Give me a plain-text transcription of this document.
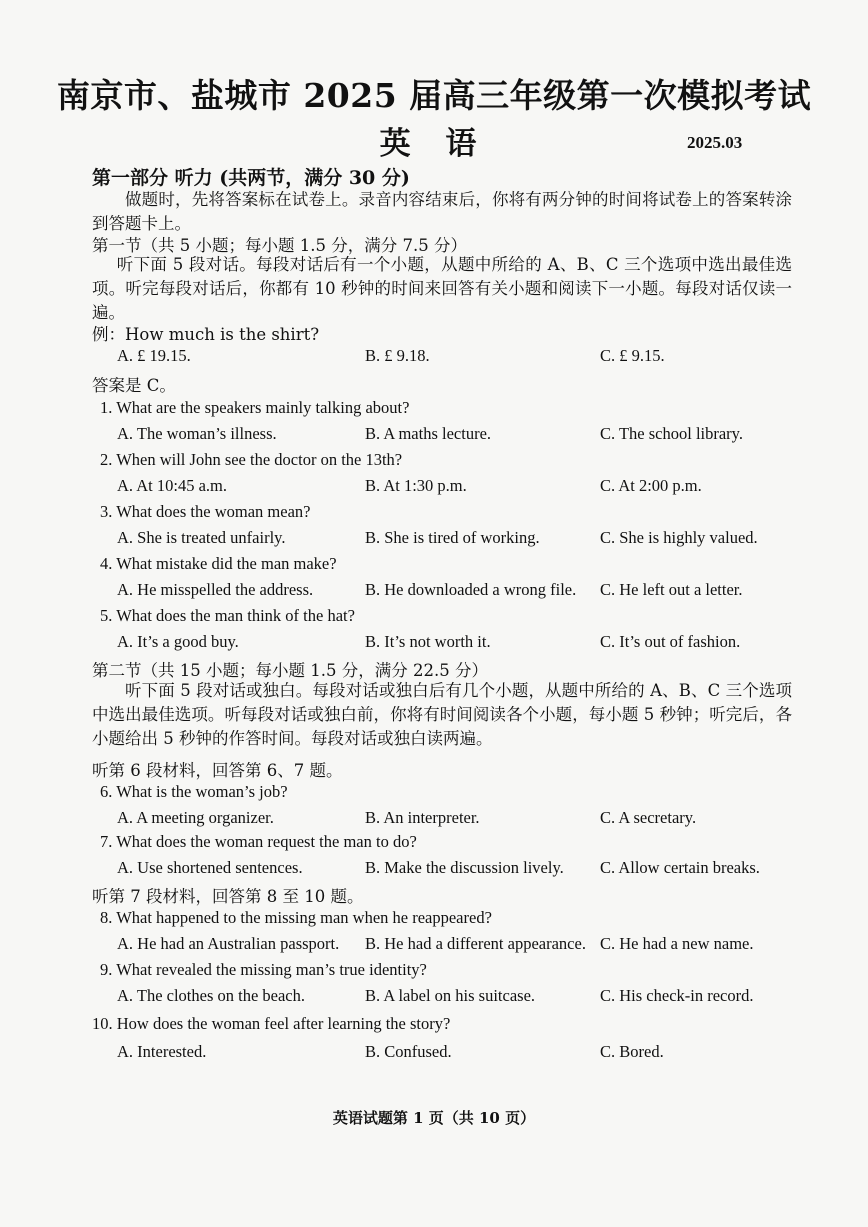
南京市、盐城市 2025 届高三年级第一次模拟考试
英 语	2025.03
第一部分 听力 (共两节，满分 30 分)
做题时，先将答案标在试卷上。录音内容结束后，你将有两分钟的时间将试卷上的答案转涂到答题卡上。
第一节（共 5 小题；每小题 1.5 分，满分 7.5 分）
听下面 5 段对话。每段对话后有一个小题，从题中所给的 A、B、C 三个选项中选出最佳选项。听完每段对话后，你都有 10 秒钟的时间来回答有关小题和阅读下一小题。每段对话仅读一遍。
例：How much is the shirt?
A. £ 19.15.	B. £ 9.18.	C. £ 9.15.
答案是 C。
1. What are the speakers mainly talking about?
A. The woman’s illness.	B. A maths lecture.	C. The school library.
2. When will John see the doctor on the 13th?
A. At 10:45 a.m.	B. At 1:30 p.m.	C. At 2:00 p.m.
3. What does the woman mean?
A. She is treated unfairly.	B. She is tired of working.	C. She is highly valued.
4. What mistake did the man make?
A. He misspelled the address.	B. He downloaded a wrong file. C. He left out a letter.
5. What does the man think of the hat?
A. It’s a good buy.	B. It’s not worth it.	C. It’s out of fashion.
第二节（共 15 小题；每小题 1.5 分，满分 22.5 分）
听下面 5 段对话或独白。每段对话或独白后有几个小题，从题中所给的 A、B、C 三个选项中选出最佳选项。听每段对话或独白前，你将有时间阅读各个小题，每小题 5 秒钟；听完后，各小题给出 5 秒钟的作答时间。每段对话或独白读两遍。
听第 6 段材料，回答第 6、7 题。
6. What is the woman’s job?
A. A meeting organizer.	B. An interpreter.	C. A secretary.
7. What does the woman request the man to do?
A. Use shortened sentences.	B. Make the discussion lively. C. Allow certain breaks.
听第 7 段材料，回答第 8 至 10 题。
8. What happened to the missing man when he reappeared?
A. He had an Australian passport. B. He had a different appearance. C. He had a new name.
9. What revealed the missing man’s true identity?
A. The clothes on the beach.	B. A label on his suitcase.	C. His check-in record.
10. How does the woman feel after learning the story?
A. Interested.	B. Confused.	C. Bored.
英语试题第 1 页（共 10 页）
